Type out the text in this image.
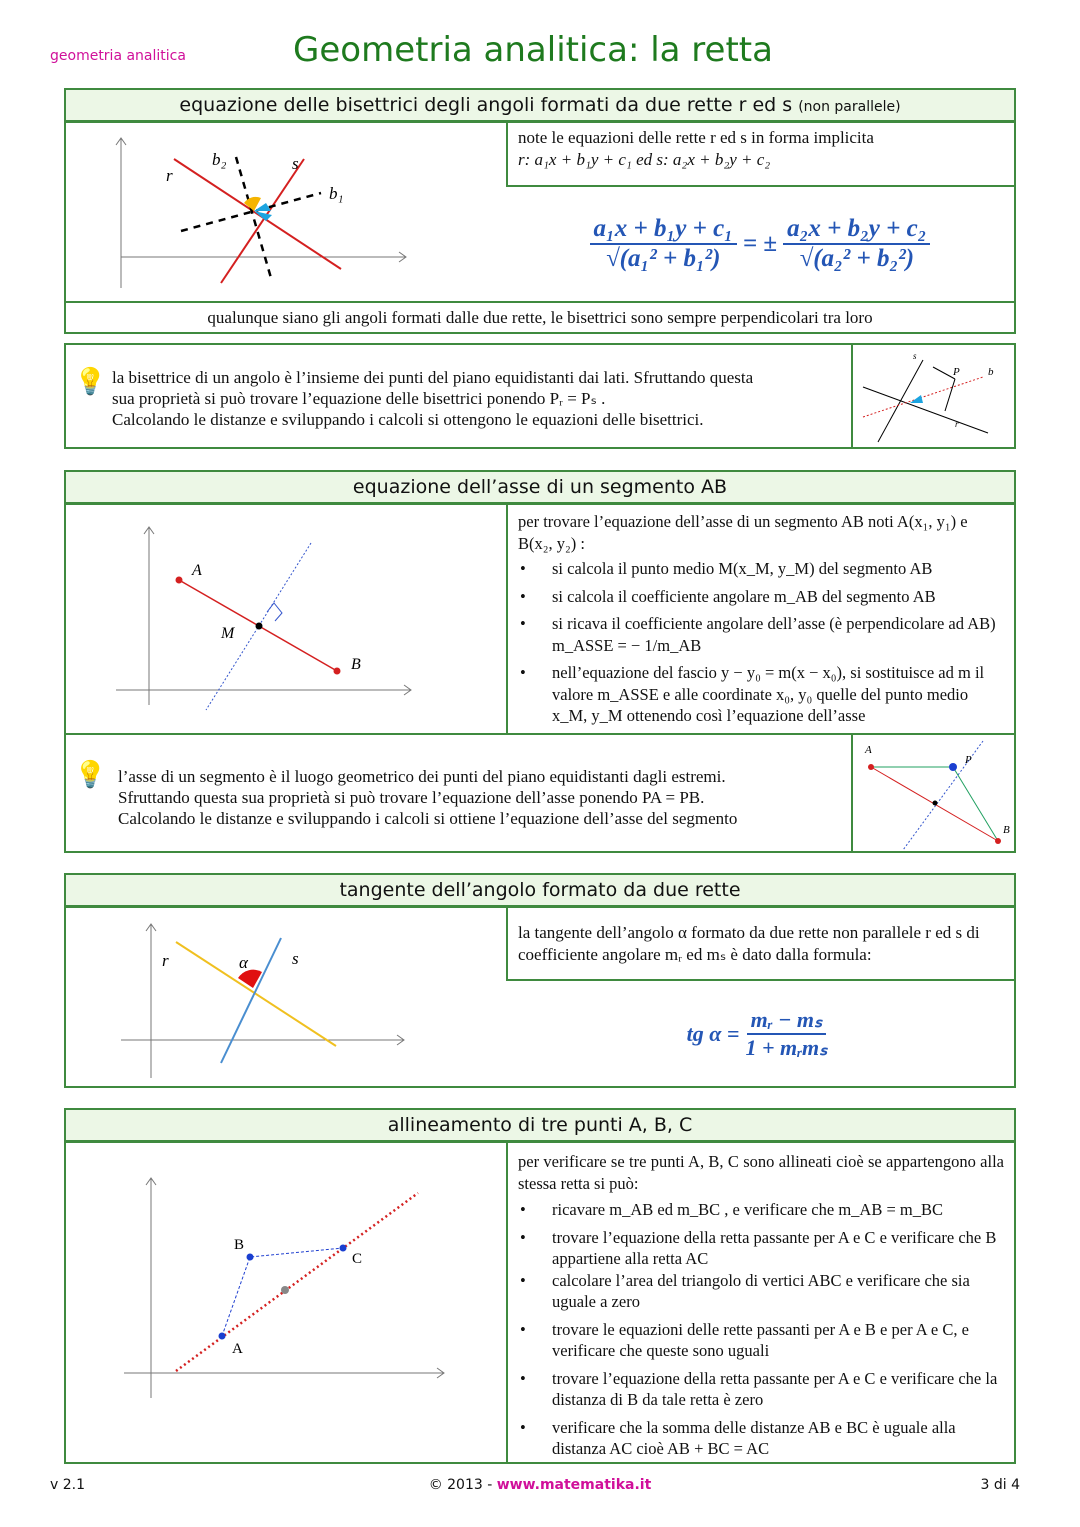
geometria analitica	Geometria analitica: la retta
equazione delle bisettrici degli angoli formati da due rette r ed s (non parallele)
r
b₂	s
b₁
note le equazioni delle rette r ed s in forma implicita
r: a₁x + b₁y + c₁ ed s: a₂x + b₂y + c₂
$\frac{\text{a₁x + b₁y + c₁}}{\text{√(a₁² + b₁²)}}$ = ± $\frac{\text{a₂x + b₂y + c₂}}{\text{√(a₂² + b₂²)}}$
qualunque siano gli angoli formati dalle due rette, le bisettrici sono sempre perpendicolari tra loro
💡 la bisettrice di un angolo è l’insieme dei punti del piano equidistanti dai lati. Sfruttando questa
sua proprietà si può trovare l’equazione delle bisettrici ponendo Pᵣ = Pₛ .
Calcolando le distanze e sviluppando i calcoli si ottengono le equazioni delle bisettrici.
s
P	b
r
equazione dell’asse di un segmento AB
A
M
B
per trovare l’equazione dell’asse di un segmento AB noti A(x₁, y₁) e B(x₂, y₂) :
• si calcola il punto medio M(x_M, y_M) del segmento AB
• si calcola il coefficiente angolare m_AB del segmento AB
• si ricava il coefficiente angolare dell’asse (è perpendicolare ad AB) m_ASSE = − 1/m_AB
• nell’equazione del fascio y − y₀ = m(x − x₀), si sostituisce ad m il valore m_ASSE e alle coordinate x₀, y₀ quelle del punto medio x_M, y_M ottenendo così l’equazione dell’asse
💡 l’asse di un segmento è il luogo geometrico dei punti del piano equidistanti dagli estremi.
Sfruttando questa sua proprietà si può trovare l’equazione dell’asse ponendo PA = PB.
Calcolando le distanze e sviluppando i calcoli si ottiene l’equazione dell’asse del segmento
A
P
B
tangente dell’angolo formato da due rette
r	α	s
la tangente dell’angolo α formato da due rette non parallele r ed s di coefficiente angolare mᵣ ed mₛ è dato dalla formula:
tg $\alpha = \frac{\text{mᵣ − mₛ}}{\text{1 + mᵣmₛ}}$
allineamento di tre punti A, B, C
B
C
A
per verificare se tre punti A, B, C sono allineati cioè se appartengono alla stessa retta si può:
• ricavare m_AB ed m_BC , e verificare che m_AB = m_BC
• trovare l’equazione della retta passante per A e C e verificare che B appartiene alla retta AC
• calcolare l’area del triangolo di vertici ABC e verificare che sia uguale a zero
• trovare le equazioni delle rette passanti per A e B e per A e C, e verificare che queste sono uguali
• trovare l’equazione della retta passante per A e C e verificare che la distanza di B da tale retta è zero
• verificare che la somma delle distanze AB e BC è uguale alla distanza AC cioè AB + BC = AC
v 2.1	© 2013 - www.matematika.it	3 di 4
